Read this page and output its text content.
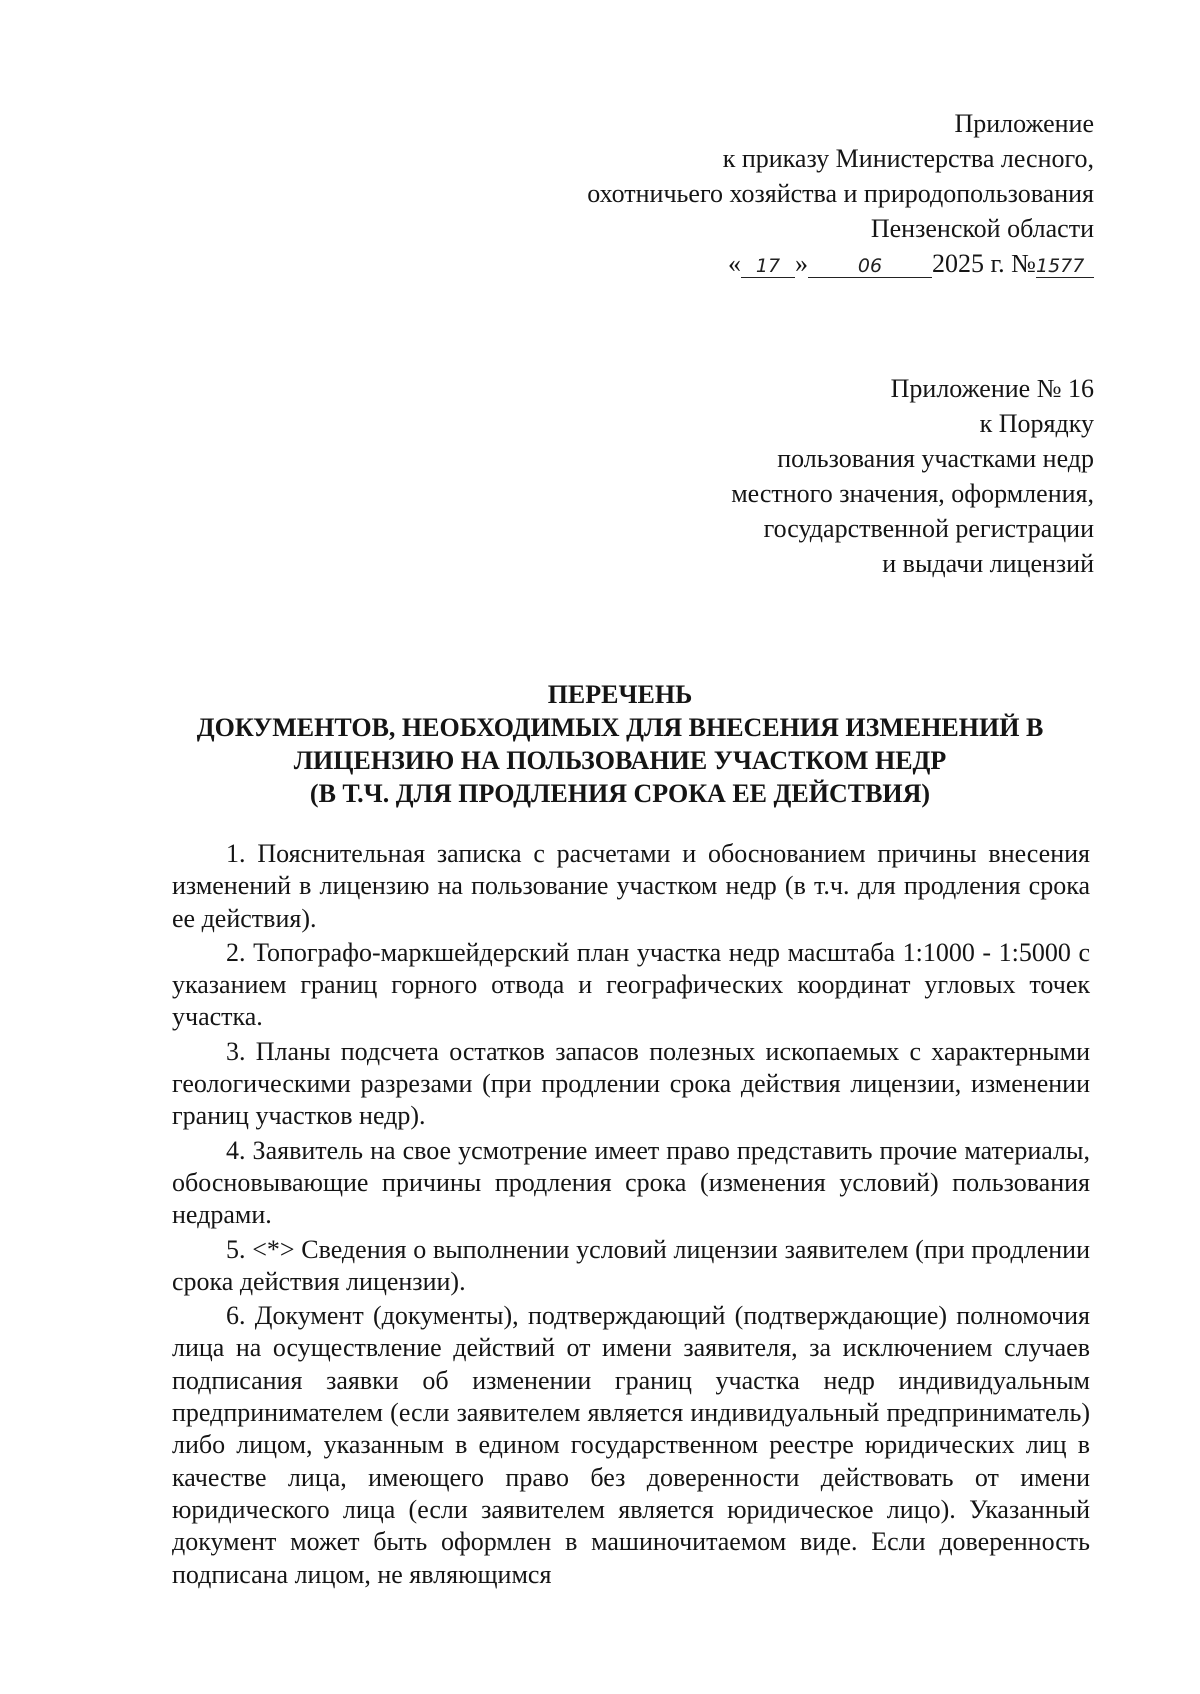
Приложение
к приказу Министерства лесного,
охотничьего хозяйства и природопользования
Пензенской области
« 17 »	06 2025 г. №1577
Приложение № 16
к Порядку
пользования участками недр
местного значения, оформления,
государственной регистрации
и выдачи лицензий
ПЕРЕЧЕНЬ
ДОКУМЕНТОВ, НЕОБХОДИМЫХ ДЛЯ ВНЕСЕНИЯ ИЗМЕНЕНИЙ В
ЛИЦЕНЗИЮ НА ПОЛЬЗОВАНИЕ УЧАСТКОМ НЕДР
(В Т.Ч. ДЛЯ ПРОДЛЕНИЯ СРОКА ЕЕ ДЕЙСТВИЯ)

1. Пояснительная записка с расчетами и обоснованием причины внесения изменений в лицензию на пользование участком недр (в т.ч. для продления срока ее действия).

2. Топографо-маркшейдерский план участка недр масштаба 1:1000 - 1:5000 с указанием границ горного отвода и географических координат угловых точек участка.

3. Планы подсчета остатков запасов полезных ископаемых с характерными геологическими разрезами (при продлении срока действия лицензии, изменении границ участков недр).

4. Заявитель на свое усмотрение имеет право представить прочие материалы, обосновывающие причины продления срока (изменения условий) пользования недрами.

5. <*> Сведения о выполнении условий лицензии заявителем (при продлении срока действия лицензии).

6. Документ (документы), подтверждающий (подтверждающие) полномочия лица на осуществление действий от имени заявителя, за исключением случаев подписания заявки об изменении границ участка недр индивидуальным предпринимателем (если заявителем является индивидуальный предприниматель) либо лицом, указанным в едином государственном реестре юридических лиц в качестве лица, имеющего право без доверенности действовать от имени юридического лица (если заявителем является юридическое лицо). Указанный документ может быть оформлен в машиночитаемом виде. Если доверенность подписана лицом, не являющимся
